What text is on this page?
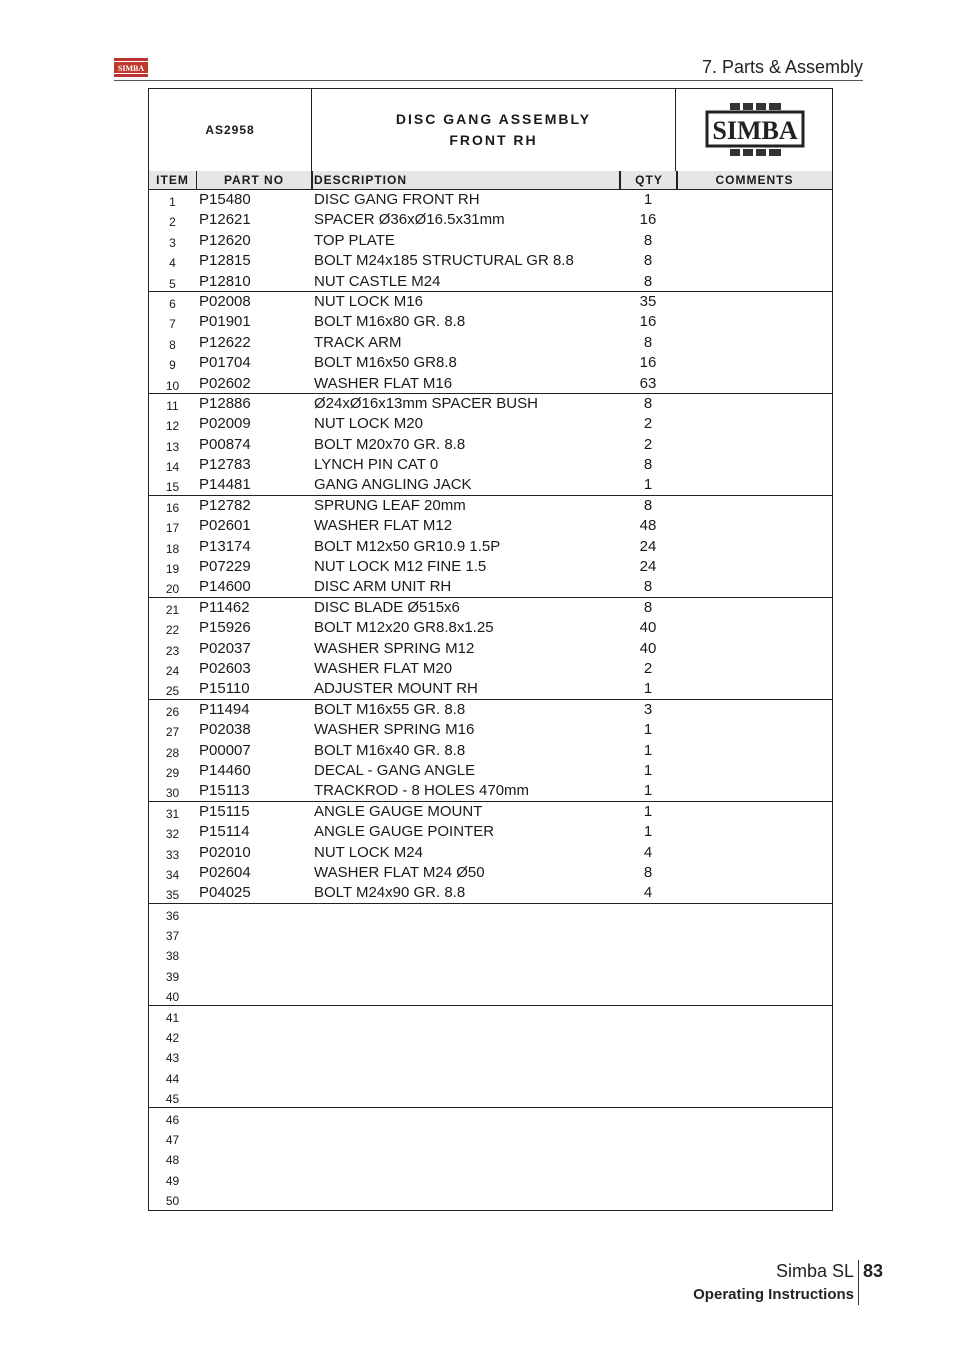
SIMBA	7. Parts & Assembly
AS2958
DISC GANG ASSEMBLY
FRONT RH	SIMBA
ITEM	PART NO	DESCRIPTION	QTY	COMMENTS
1	P15480	DISC GANG FRONT RH	1
2	P12621	SPACER Ø36xØ16.5x31mm	16
3	P12620	TOP PLATE	8
4	P12815	BOLT M24x185 STRUCTURAL GR 8.8	8
5	P12810	NUT CASTLE M24	8
6	P02008	NUT LOCK M16	35
7	P01901	BOLT M16x80 GR. 8.8	16
8	P12622	TRACK ARM	8
9	P01704	BOLT M16x50 GR8.8	16
10	P02602	WASHER FLAT M16	63
11	P12886	Ø24xØ16x13mm SPACER BUSH	8
12	P02009	NUT LOCK M20	2
13	P00874	BOLT M20x70 GR. 8.8	2
14	P12783	LYNCH PIN CAT 0	8
15	P14481	GANG ANGLING JACK	1
16	P12782	SPRUNG LEAF 20mm	8
17	P02601	WASHER FLAT M12	48
18	P13174	BOLT M12x50 GR10.9 1.5P	24
19	P07229	NUT LOCK M12 FINE 1.5	24
20	P14600	DISC ARM UNIT RH	8
21	P11462	DISC BLADE Ø515x6	8
22	P15926	BOLT M12x20 GR8.8x1.25	40
23	P02037	WASHER SPRING M12	40
24	P02603	WASHER FLAT M20	2
25	P15110	ADJUSTER MOUNT RH	1
26	P11494	BOLT M16x55 GR. 8.8	3
27	P02038	WASHER SPRING M16	1
28	P00007	BOLT M16x40 GR. 8.8	1
29	P14460	DECAL - GANG ANGLE	1
30	P15113	TRACKROD - 8 HOLES 470mm	1
31	P15115	ANGLE GAUGE MOUNT	1
32	P15114	ANGLE GAUGE POINTER	1
33	P02010	NUT LOCK M24	4
34	P02604	WASHER FLAT M24 Ø50	8
35	P04025	BOLT M24x90 GR. 8.8	4
36
37
38
39
40
41
42
43
44
45
46
47
48
49
50
Simba SL 83
Operating Instructions
